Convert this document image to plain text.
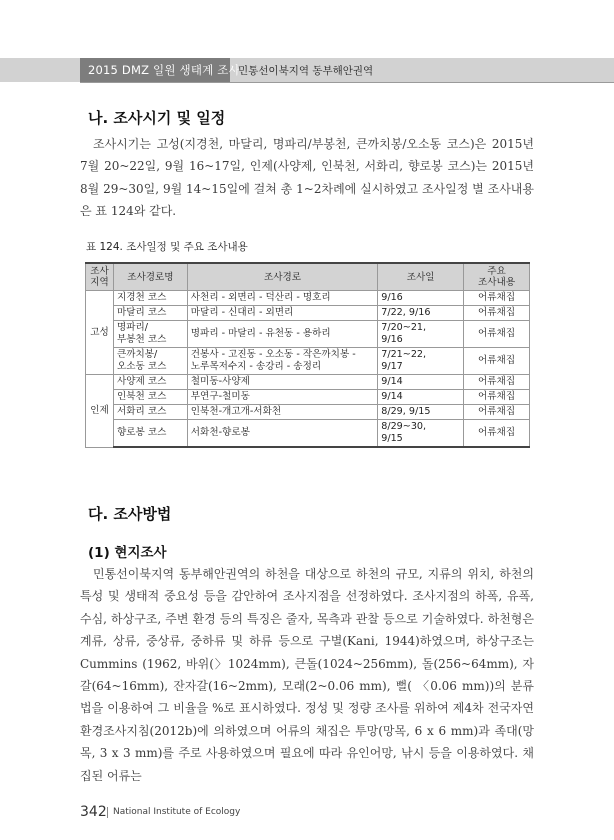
2015 DMZ 일원 생태계 조사
민통선이북지역 동부해안권역
나. 조사시기 및 일정

조사시기는 고성(지경천, 마달리, 명파리/부봉천, 큰까치봉/오소동 코스)은 2015년 7월 20~22일, 9월 16~17일, 인제(사양제, 인북천, 서화리, 향로봉 코스)는 2015년 8월 29~30일, 9월 14~15일에 걸쳐 총 1~2차례에 실시하였고 조사일정 별 조사내용은 표 124와 같다.

표 124. 조사일정 및 주요 조사내용
조사
지역	조사경로명	조사경로	조사일	주요
조사내용
고성	지경천 코스	사천리 - 외면리 - 덕산리 - 명호리	9/16	어류채집
	마달리 코스	마달리 - 신대리 - 외면리	7/22, 9/16	어류채집
	명파리/
부봉천 코스	명파리 - 마달리 - 유천동 - 용하리	7/20~21,
9/16	어류채집
	큰까치봉/
오소동 코스	건봉사 - 고진동 - 오소동 - 작은까치봉 -
노루목저수지 - 송강리 - 송정리	7/21~22,
9/17	어류채집
인제	사양제 코스	철미동-사양제	9/14	어류채집
	인북천 코스	부연구-철미동	9/14	어류채집
	서화리 코스	인북천-개고개-서화천	8/29, 9/15	어류채집
	향로봉 코스	서화천-향로봉	8/29~30,
9/15	어류채집
다. 조사방법
(1) 현지조사

민통선이북지역 동부해안권역의 하천을 대상으로 하천의 규모, 지류의 위치, 하천의 특성 및 생태적 중요성 등을 감안하여 조사지점을 선정하였다. 조사지점의 하폭, 유폭, 수심, 하상구조, 주변 환경 등의 특징은 줄자, 목측과 관찰 등으로 기술하였다. 하천형은 계류, 상류, 중상류, 중하류 및 하류 등으로 구별(Kani, 1944)하였으며, 하상구조는 Cummins (1962, 바위(〉1024mm), 큰돌(1024~256mm), 돌(256~64mm), 자갈(64~16mm), 잔자갈(16~2mm), 모래(2~0.06 mm), 뻘( 〈0.06 mm))의 분류법을 이용하여 그 비율을 %로 표시하였다. 정성 및 정량 조사를 위하여 제4차 전국자연환경조사지침(2012b)에 의하였으며 어류의 채집은 투망(망목, 6 x 6 mm)과 족대(망목, 3 x 3 mm)를 주로 사용하였으며 필요에 따라 유인어망, 낚시 등을 이용하였다. 채집된 어류는

342 National Institute of Ecology
